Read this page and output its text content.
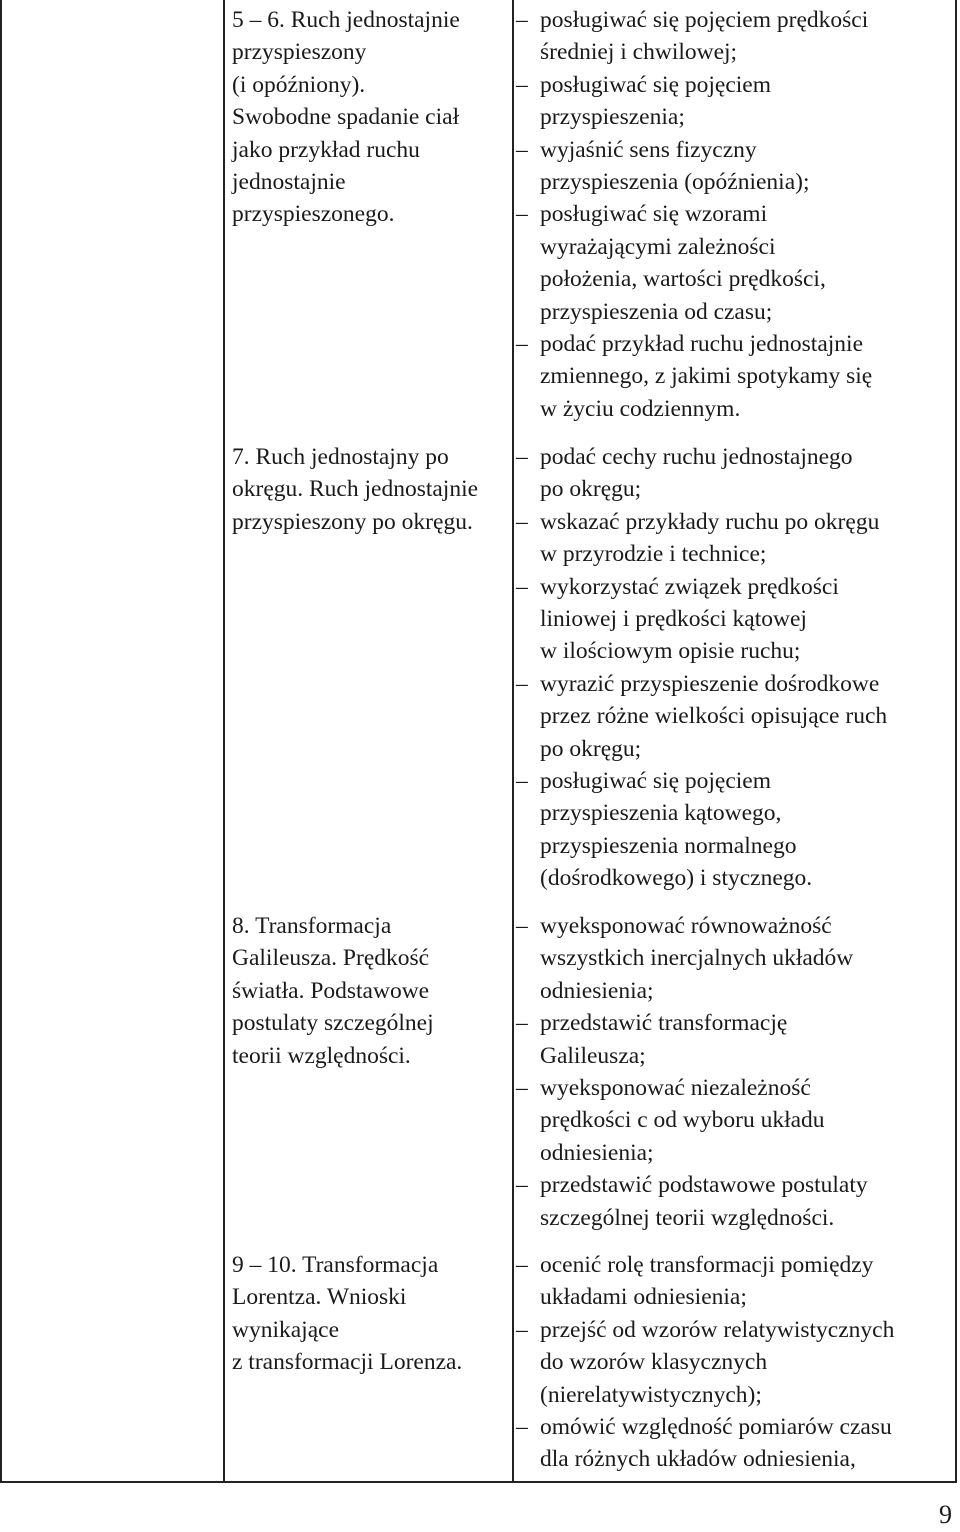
5 – 6. Ruch jednostajnie
przyspieszony
(i opóźniony).
Swobodne spadanie ciał
jako przykład ruchu
jednostajnie
przyspieszonego.
– posługiwać się pojęciem prędkości
średniej i chwilowej;
– posługiwać się pojęciem
przyspieszenia;
– wyjaśnić sens fizyczny
przyspieszenia (opóźnienia);
– posługiwać się wzorami
wyrażającymi zależności
położenia, wartości prędkości,
przyspieszenia od czasu;
– podać przykład ruchu jednostajnie
zmiennego, z jakimi spotykamy się
w życiu codziennym.
7. Ruch jednostajny po
okręgu. Ruch jednostajnie
przyspieszony po okręgu.
– podać cechy ruchu jednostajnego
po okręgu;
– wskazać przykłady ruchu po okręgu
w przyrodzie i technice;
– wykorzystać związek prędkości
liniowej i prędkości kątowej
w ilościowym opisie ruchu;
– wyrazić przyspieszenie dośrodkowe
przez różne wielkości opisujące ruch
po okręgu;
– posługiwać się pojęciem
przyspieszenia kątowego,
przyspieszenia normalnego
(dośrodkowego) i stycznego.
8. Transformacja
Galileusza. Prędkość
światła. Podstawowe
postulaty szczególnej
teorii względności.
– wyeksponować równoważność
wszystkich inercjalnych układów
odniesienia;
– przedstawić transformację
Galileusza;
– wyeksponować niezależność
prędkości c od wyboru układu
odniesienia;
– przedstawić podstawowe postulaty
szczególnej teorii względności.
9 – 10. Transformacja
Lorentza. Wnioski
wynikające
z transformacji Lorenza.
– ocenić rolę transformacji pomiędzy
układami odniesienia;
– przejść od wzorów relatywistycznych
do wzorów klasycznych
(nierelatywistycznych);
– omówić względność pomiarów czasu
dla różnych układów odniesienia,
9
